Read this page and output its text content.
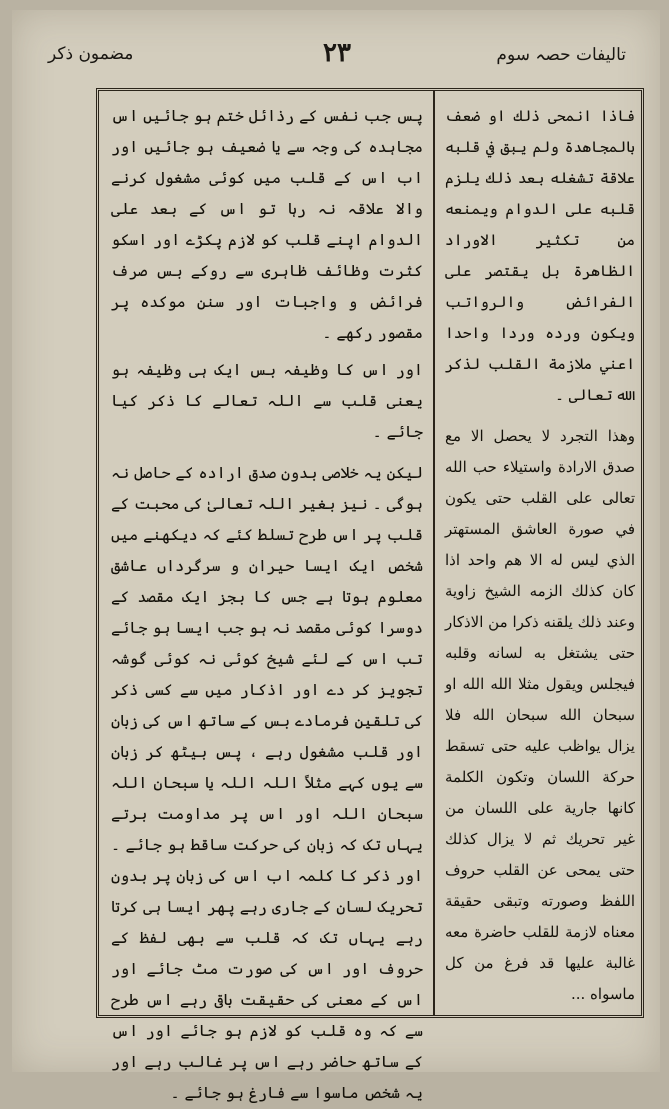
مضمون ذکر	٢٣	تالیفات حصہ سوم

پس جب نفس کے رذائل ختم ہو جائیں اس مجاہدہ کی وجہ سے یا ضعیف ہو جائیں اور اب اس کے قلب میں کوئی مشغول کرنے والا علاقہ نہ رہا تو اس کے بعد علی الدوام اپنے قلب کو لازم پکڑے اور اسکو کثرت وظائف ظاہری سے روکے بس صرف فرائض و واجبات اور سنن موکدہ پر مقصور رکھے ۔

اور اس کا وظیفہ بس ایک ہی وظیفہ ہو یعنی قلب سے اللہ تعالے کا ذکر کیا جائے ۔

لیکن یہ خلاصی بدون صدق ارادہ کے حاصل نہ ہوگی ۔ نیز بغیر اللہ تعالیٰ کی محبت کے قلب پر اس طرح تسلط کئے کہ دیکھنے میں شخص ایک ایسا حیران و سرگرداں عاشق معلوم ہوتا ہے جس کا بجز ایک مقصد کے دوسرا کوئی مقصد نہ ہو جب ایسا ہو جائے تب اس کے لئے شیخ کوئی نہ کوئی گوشہ تجویز کر دے اور اذکار میں سے کسی ذکر کی تلقین فرمادے بس کے ساتھ اس کی زبان اور قلب مشغول رہے ، پس بیٹھ کر زبان سے یوں کہے مثلاً اللہ اللہ یا سبحان اللہ سبحان اللہ اور اس پر مداومت برتے یہاں تک کہ زبان کی حرکت ساقط ہو جائے ۔ اور ذکر کا کلمہ اب اس کی زبان پر بدون تحریک لسان کے جاری رہے پھر ایسا ہی کرتا رہے یہاں تک کہ قلب سے بھی لفظ کے حروف اور اس کی صورت مٹ جائے اور اس کے معنی کی حقیقت باقی رہے اس طرح سے کہ وہ قلب کو لازم ہو جائے اور اس کے ساتھ حاضر رہے اس پر غالب رہے اور یہ شخص ماسوا سے فارغ ہو جائے ۔

فاذا انمحى ذلك او ضعف بالمجاهدة ولم يبق في قلبه علاقة تشغله بعد ذلك يلزم قلبه على الدوام ويمنعه من تكثير الاوراد الظاهرة بل يقتصر على الفرائض والرواتب ويكون ورده وردا واحدا اعني ملازمة القلب لذكر الله تعالى ۔

وهذا التجرد لا يحصل الا مع صدق الارادة واستيلاء حب الله تعالى على القلب حتى يكون في صورة العاشق المستهتر الذي ليس له الا هم واحد اذا كان كذلك الزمه الشيخ زاوية وعند ذلك يلقنه ذكرا من الاذكار حتى يشتغل به لسانه وقلبه فيجلس ويقول مثلا الله الله او سبحان الله سبحان الله فلا يزال يواظب عليه حتى تسقط حركة اللسان وتكون الكلمة كانها جارية على اللسان من غير تحريك ثم لا يزال كذلك حتى يمحى عن القلب حروف اللفظ وصورته وتبقى حقيقة معناه لازمة للقلب حاضرة معه غالبة عليها قد فرغ من كل ماسواه ...
